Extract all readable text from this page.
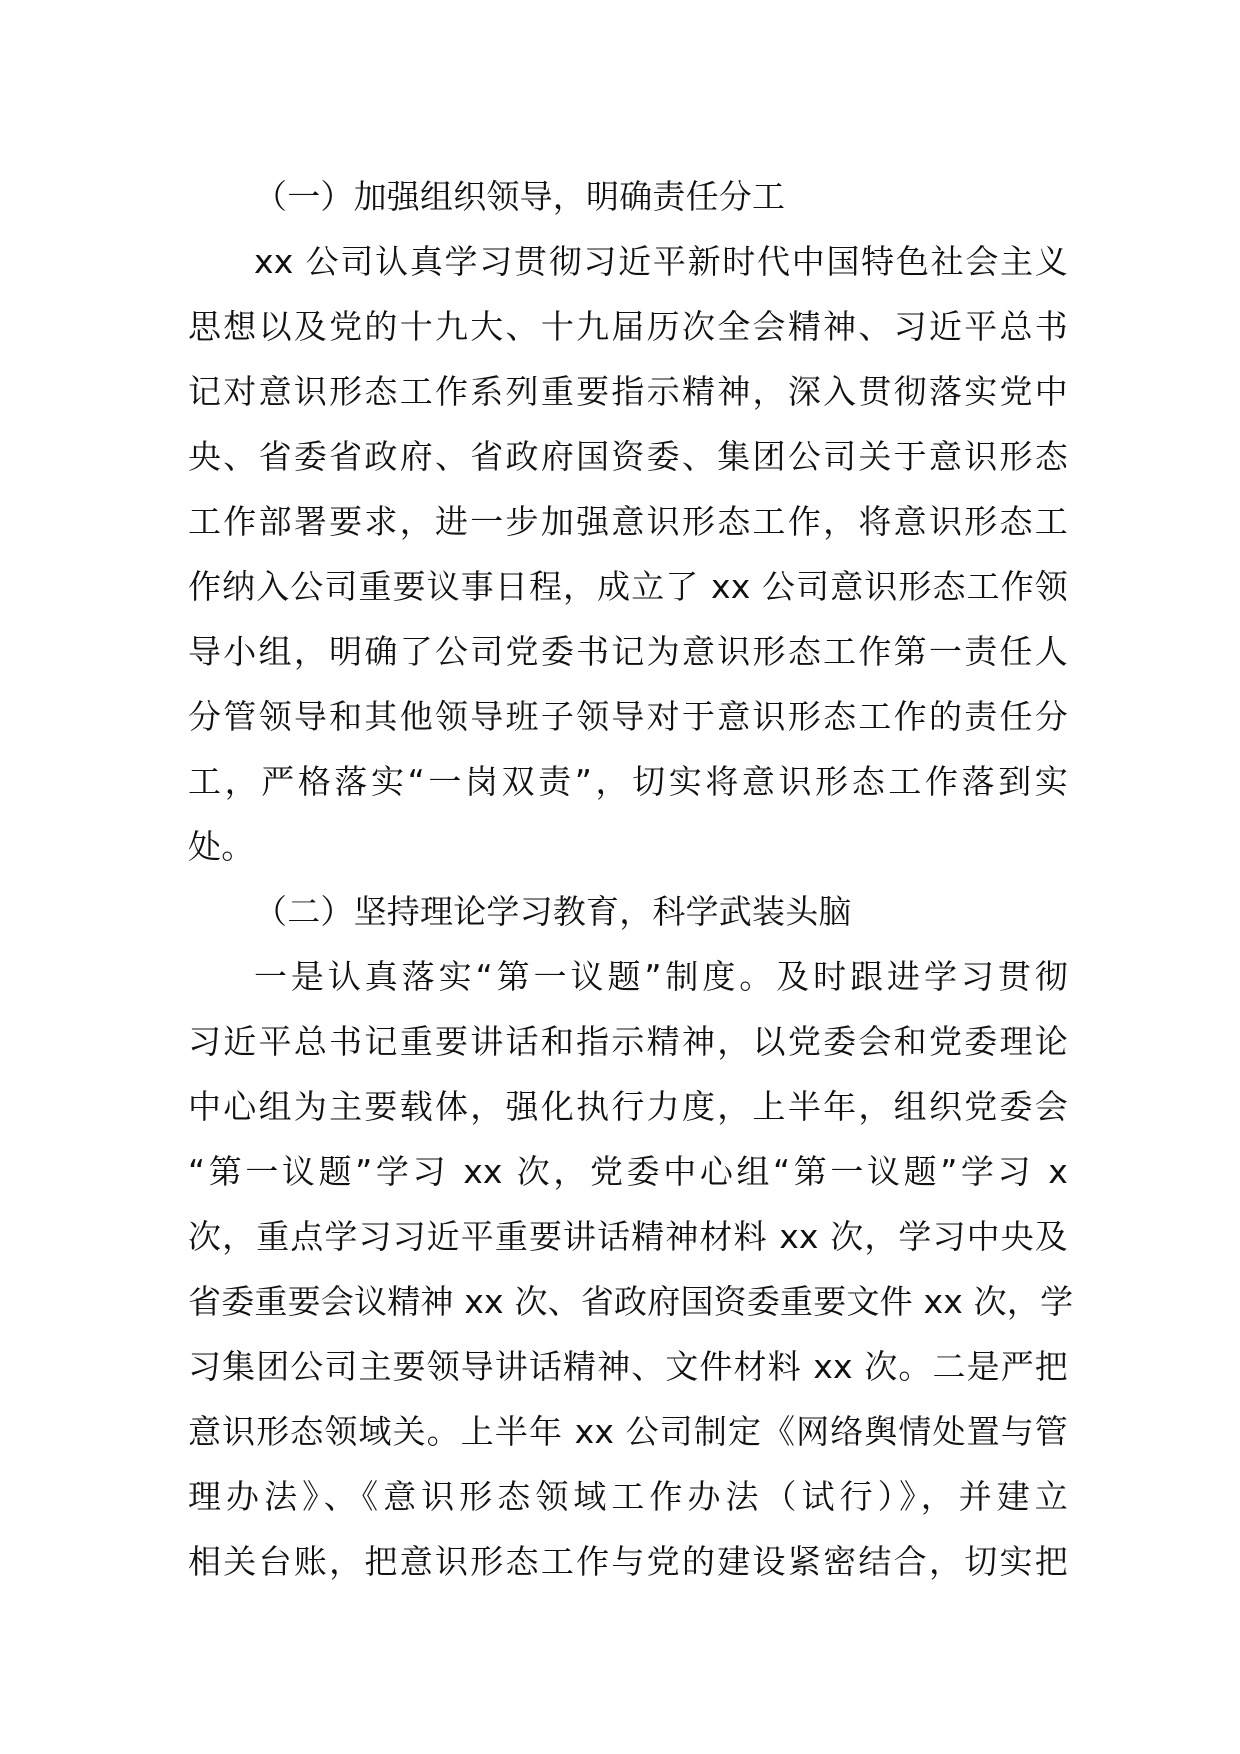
（一）加强组织领导，明确责任分工
xx 公司认真学习贯彻习近平新时代中国特色社会主义
思想以及党的十九大、十九届历次全会精神、习近平总书
记对意识形态工作系列重要指示精神，深入贯彻落实党中
央、省委省政府、省政府国资委、集团公司关于意识形态
工作部署要求，进一步加强意识形态工作，将意识形态工
作纳入公司重要议事日程，成立了 xx 公司意识形态工作领
导小组，明确了公司党委书记为意识形态工作第一责任人
分管领导和其他领导班子领导对于意识形态工作的责任分
工，严格落实“一岗双责”，切实将意识形态工作落到实
处。
（二）坚持理论学习教育，科学武装头脑
一是认真落实“第一议题”制度。及时跟进学习贯彻
习近平总书记重要讲话和指示精神，以党委会和党委理论
中心组为主要载体，强化执行力度，上半年，组织党委会
“第一议题”学习 xx 次，党委中心组“第一议题”学习 x
次，重点学习习近平重要讲话精神材料 xx 次，学习中央及
省委重要会议精神 xx 次、省政府国资委重要文件 xx 次，学
习集团公司主要领导讲话精神、文件材料 xx 次。二是严把
意识形态领域关。上半年 xx 公司制定《网络舆情处置与管
理办法》、《意识形态领域工作办法（试行）》，并建立
相关台账，把意识形态工作与党的建设紧密结合，切实把
